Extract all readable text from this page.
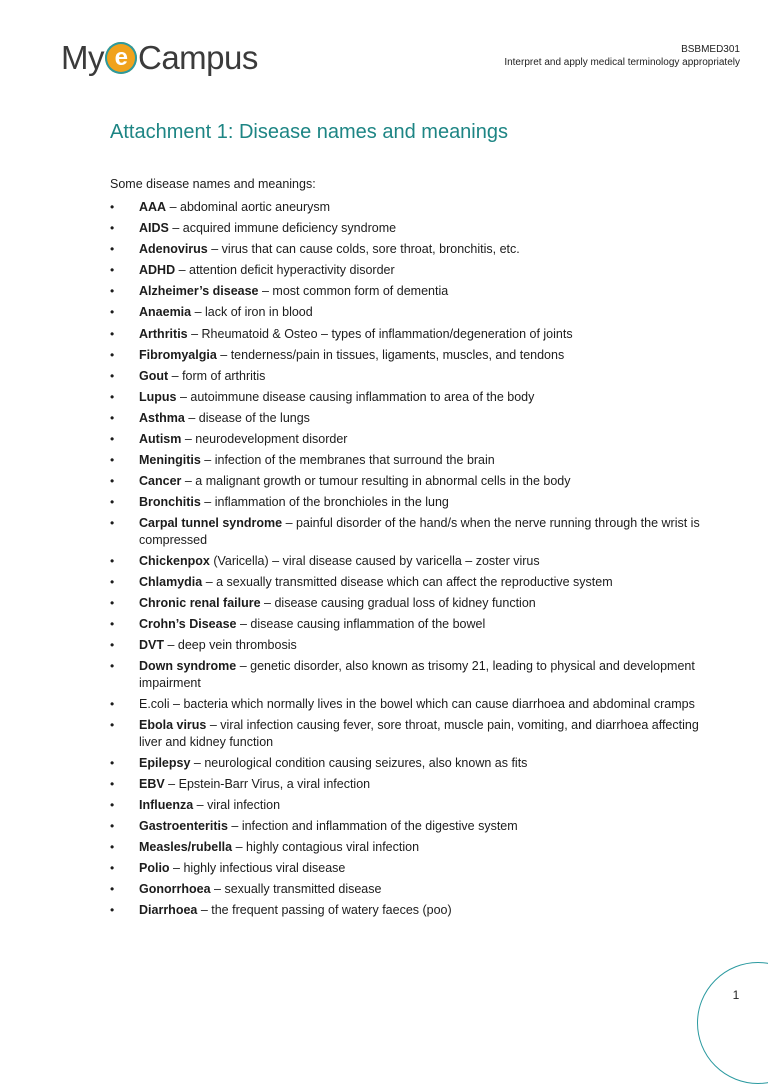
My e Campus	BSBMED301
Interpret and apply medical terminology appropriately
Attachment 1: Disease names and meanings

Some disease names and meanings:

• AAA – abdominal aortic aneurysm
• AIDS – acquired immune deficiency syndrome
• Adenovirus – virus that can cause colds, sore throat, bronchitis, etc.
• ADHD – attention deficit hyperactivity disorder
• Alzheimer’s disease – most common form of dementia
• Anaemia – lack of iron in blood
• Arthritis – Rheumatoid & Osteo – types of inflammation/degeneration of joints
• Fibromyalgia – tenderness/pain in tissues, ligaments, muscles, and tendons
• Gout – form of arthritis
• Lupus – autoimmune disease causing inflammation to area of the body
• Asthma – disease of the lungs
• Autism – neurodevelopment disorder
• Meningitis – infection of the membranes that surround the brain
• Cancer – a malignant growth or tumour resulting in abnormal cells in the body
• Bronchitis – inflammation of the bronchioles in the lung
• Carpal tunnel syndrome – painful disorder of the hand/s when the nerve running through the wrist is compressed
• Chickenpox (Varicella) – viral disease caused by varicella – zoster virus
• Chlamydia – a sexually transmitted disease which can affect the reproductive system
• Chronic renal failure – disease causing gradual loss of kidney function
• Crohn’s Disease – disease causing inflammation of the bowel
• DVT – deep vein thrombosis
• Down syndrome – genetic disorder, also known as trisomy 21, leading to physical and development impairment
• E.coli – bacteria which normally lives in the bowel which can cause diarrhoea and abdominal cramps
• Ebola virus – viral infection causing fever, sore throat, muscle pain, vomiting, and diarrhoea affecting liver and kidney function
• Epilepsy – neurological condition causing seizures, also known as fits
• EBV – Epstein-Barr Virus, a viral infection
• Influenza – viral infection
• Gastroenteritis – infection and inflammation of the digestive system
• Measles/rubella – highly contagious viral infection
• Polio – highly infectious viral disease
• Gonorrhoea – sexually transmitted disease
• Diarrhoea – the frequent passing of watery faeces (poo)
1
